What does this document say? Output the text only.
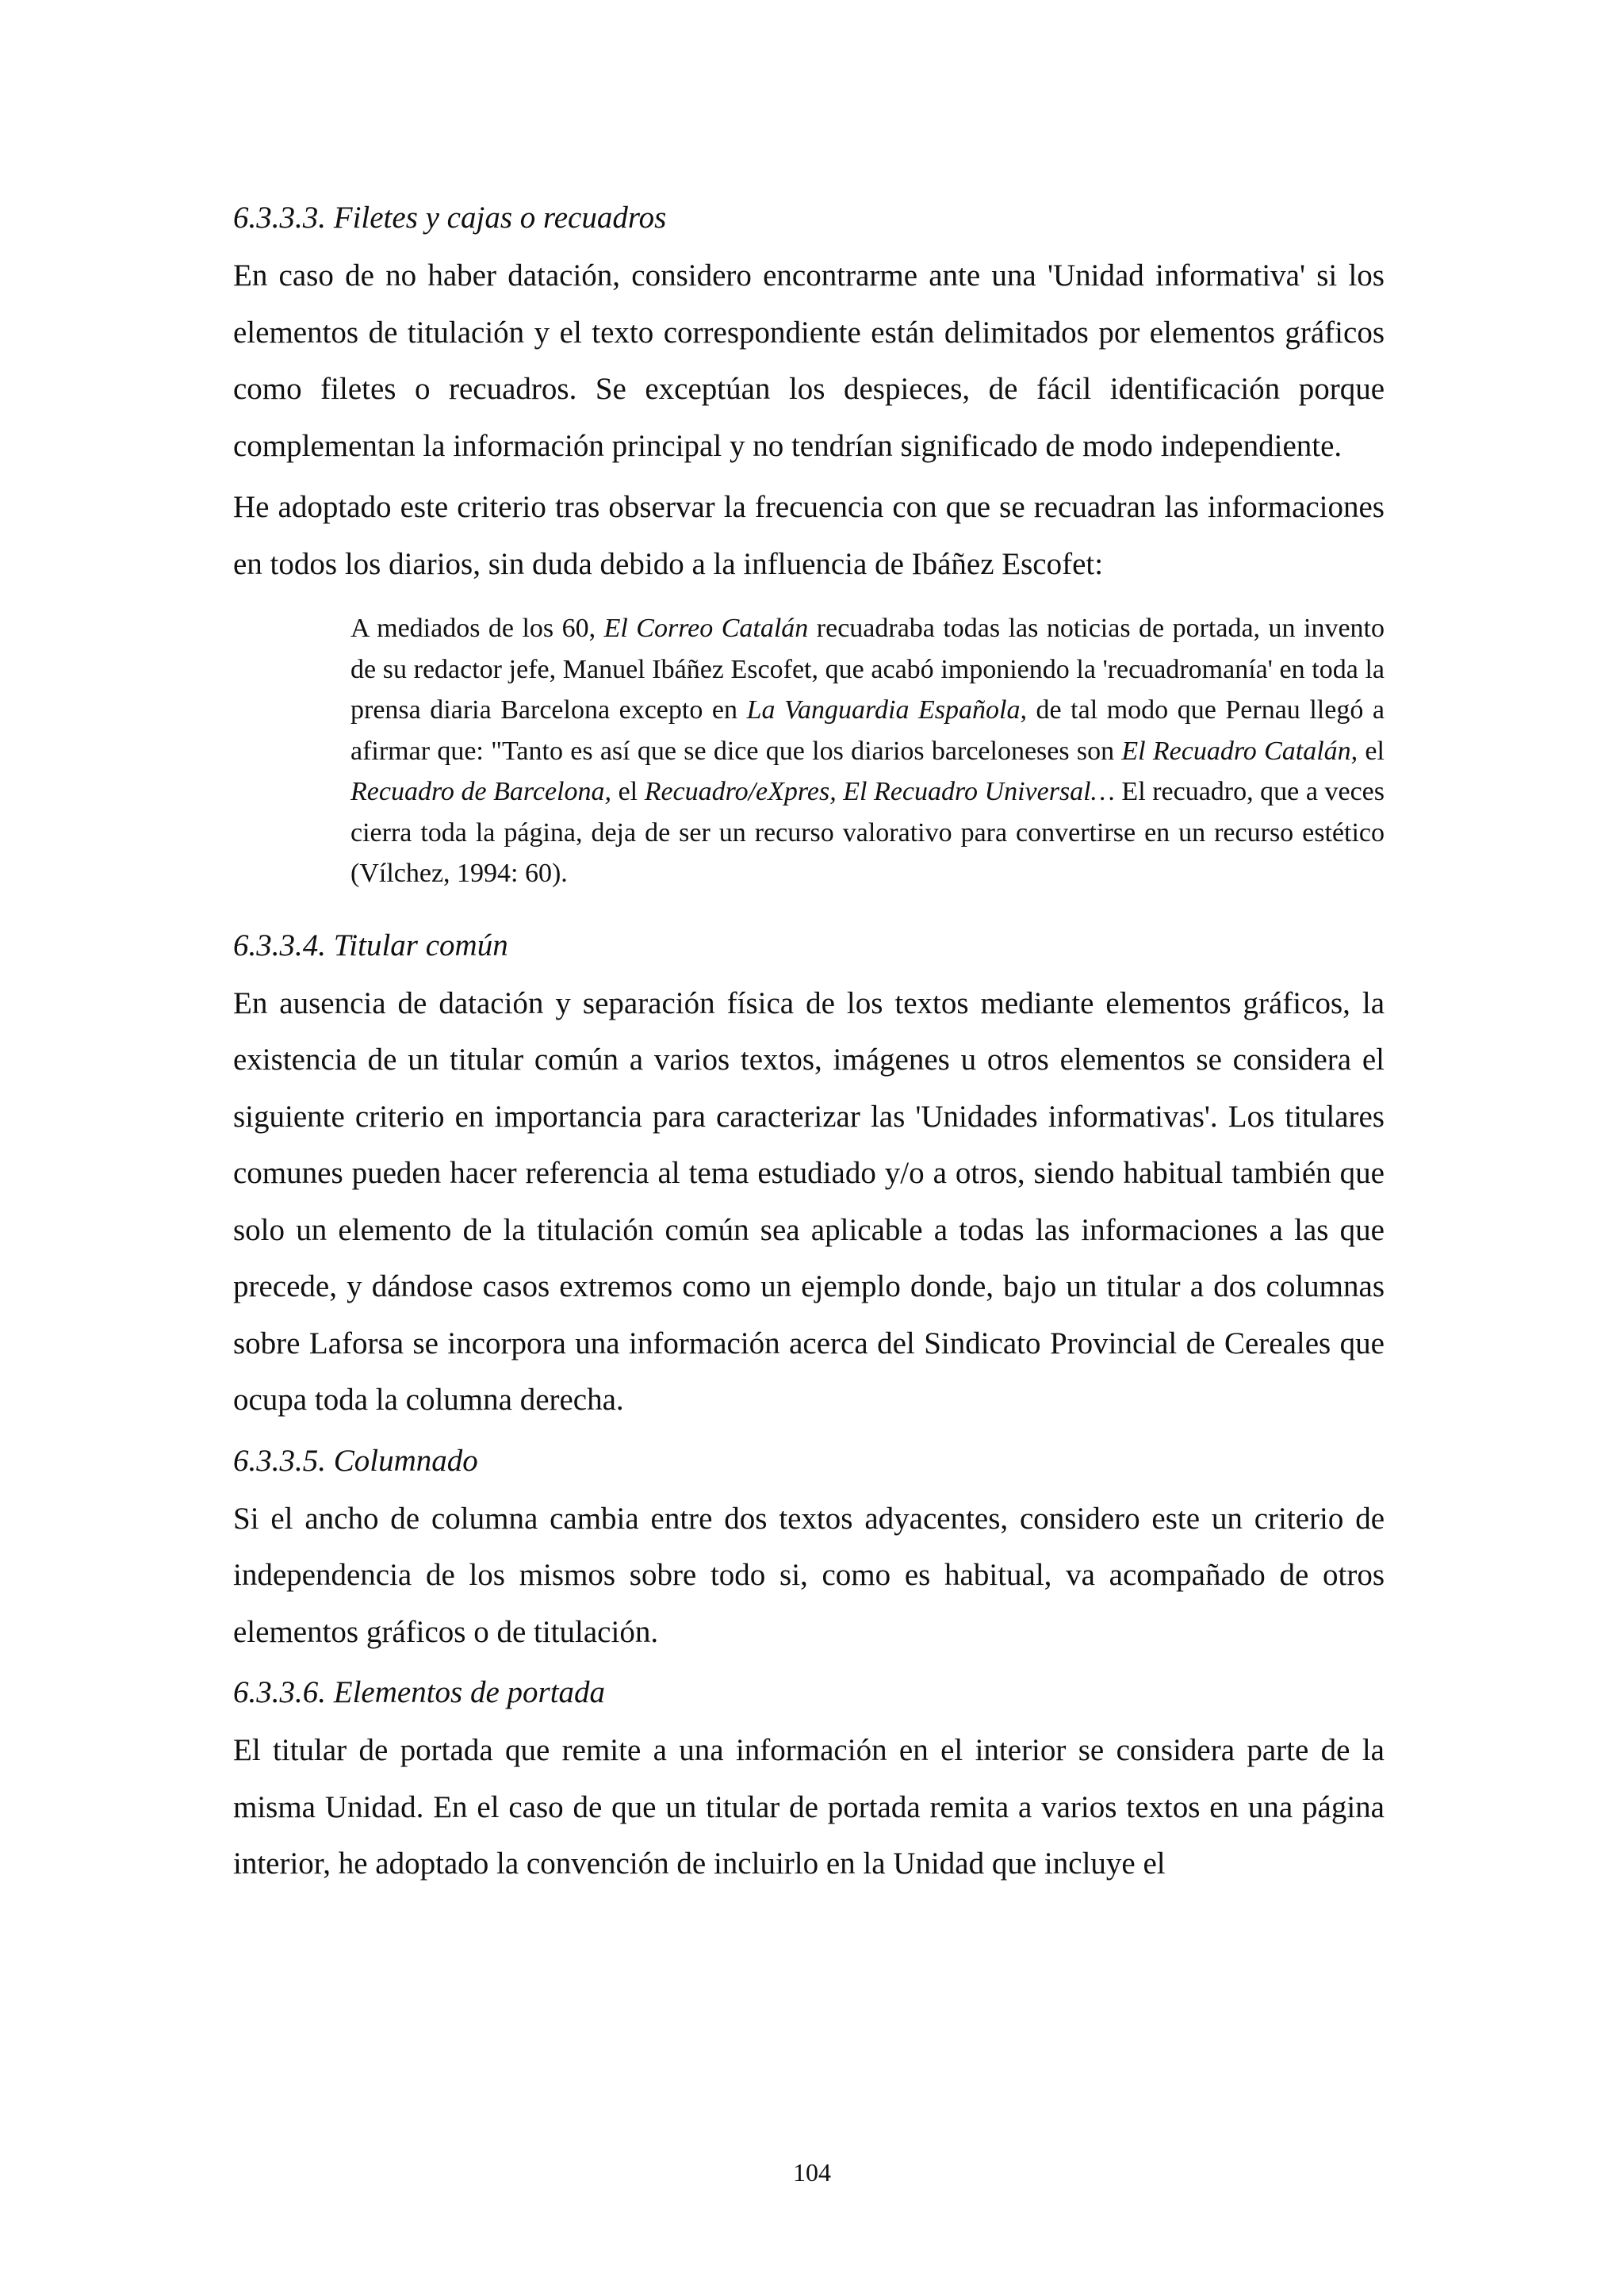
6.3.3.3. Filetes y cajas o recuadros

En caso de no haber datación, considero encontrarme ante una 'Unidad informativa' si los elementos de titulación y el texto correspondiente están delimitados por elementos gráficos como filetes o recuadros. Se exceptúan los despieces, de fácil identificación porque complementan la información principal y no tendrían significado de modo independiente.

He adoptado este criterio tras observar la frecuencia con que se recuadran las informaciones en todos los diarios, sin duda debido a la influencia de Ibáñez Escofet:

A mediados de los 60, El Correo Catalán recuadraba todas las noticias de portada, un invento de su redactor jefe, Manuel Ibáñez Escofet, que acabó imponiendo la 'recuadromanía' en toda la prensa diaria Barcelona excepto en La Vanguardia Española, de tal modo que Pernau llegó a afirmar que: "Tanto es así que se dice que los diarios barceloneses son El Recuadro Catalán, el Recuadro de Barcelona, el Recuadro/eXpres, El Recuadro Universal… El recuadro, que a veces cierra toda la página, deja de ser un recurso valorativo para convertirse en un recurso estético (Vílchez, 1994: 60).
6.3.3.4. Titular común

En ausencia de datación y separación física de los textos mediante elementos gráficos, la existencia de un titular común a varios textos, imágenes u otros elementos se considera el siguiente criterio en importancia para caracterizar las 'Unidades informativas'. Los titulares comunes pueden hacer referencia al tema estudiado y/o a otros, siendo habitual también que solo un elemento de la titulación común sea aplicable a todas las informaciones a las que precede, y dándose casos extremos como un ejemplo donde, bajo un titular a dos columnas sobre Laforsa se incorpora una información acerca del Sindicato Provincial de Cereales que ocupa toda la columna derecha.

6.3.3.5. Columnado

Si el ancho de columna cambia entre dos textos adyacentes, considero este un criterio de independencia de los mismos sobre todo si, como es habitual, va acompañado de otros elementos gráficos o de titulación.

6.3.3.6. Elementos de portada

El titular de portada que remite a una información en el interior se considera parte de la misma Unidad. En el caso de que un titular de portada remita a varios textos en una página interior, he adoptado la convención de incluirlo en la Unidad que incluye el

104
